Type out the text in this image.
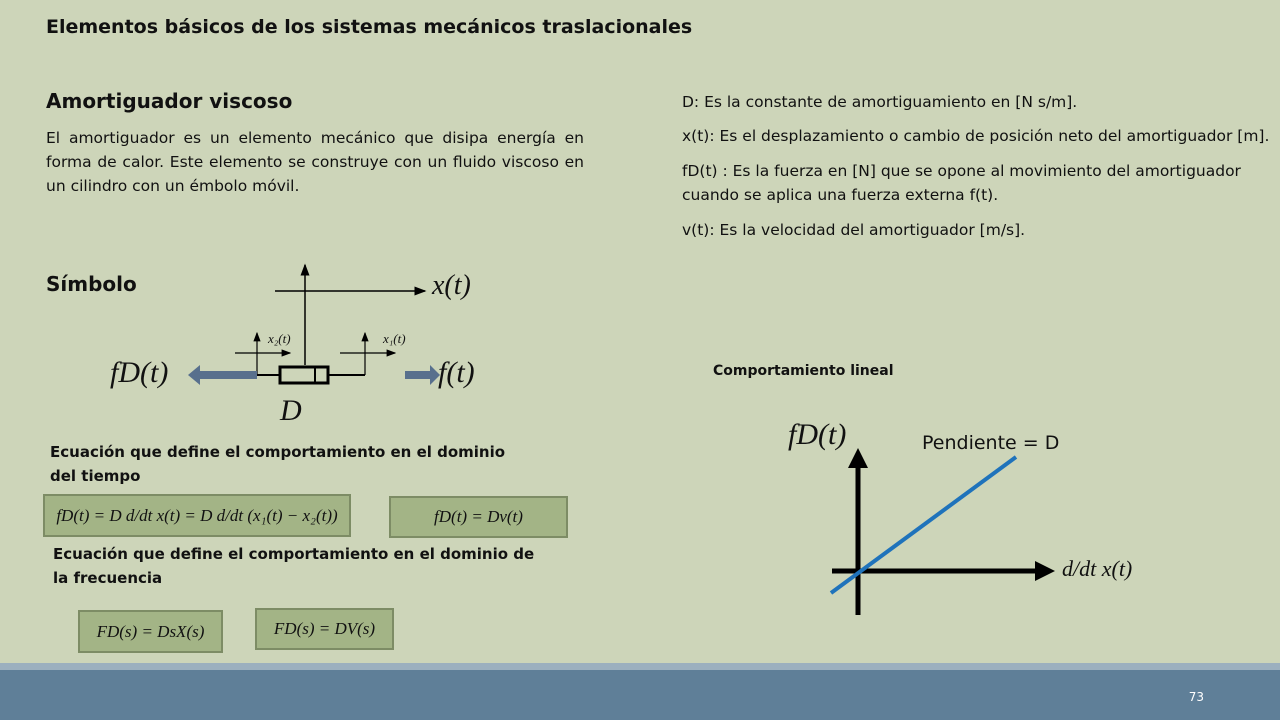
Elementos básicos de los sistemas mecánicos traslacionales
Amortiguador viscoso
El amortiguador es un elemento mecánico que disipa energía en forma de calor. Este elemento se construye con un fluido viscoso en un cilindro con un émbolo móvil.
Símbolo	x(t)
x₂(t)	x₁(t)
fD(t)	f(t)
D
Ecuación que define el comportamiento en el dominio del tiempo
fD(t) = D d/dt x(t) = D d/dt (x₁(t) − x₂(t))	fD(t) = Dv(t)
Ecuación que define el comportamiento en el dominio de la frecuencia
FD(s) = DsX(s)	FD(s) = DV(s)
D: Es la constante de amortiguamiento en [N s/m].
x(t): Es el desplazamiento o cambio de posición neto del amortiguador [m].
fD(t) : Es la fuerza en [N] que se opone al movimiento del amortiguador cuando se aplica una fuerza externa f(t).
v(t): Es la velocidad del amortiguador [m/s].
Comportamiento lineal
fD(t)	Pendiente = D
d/dt x(t)
73
